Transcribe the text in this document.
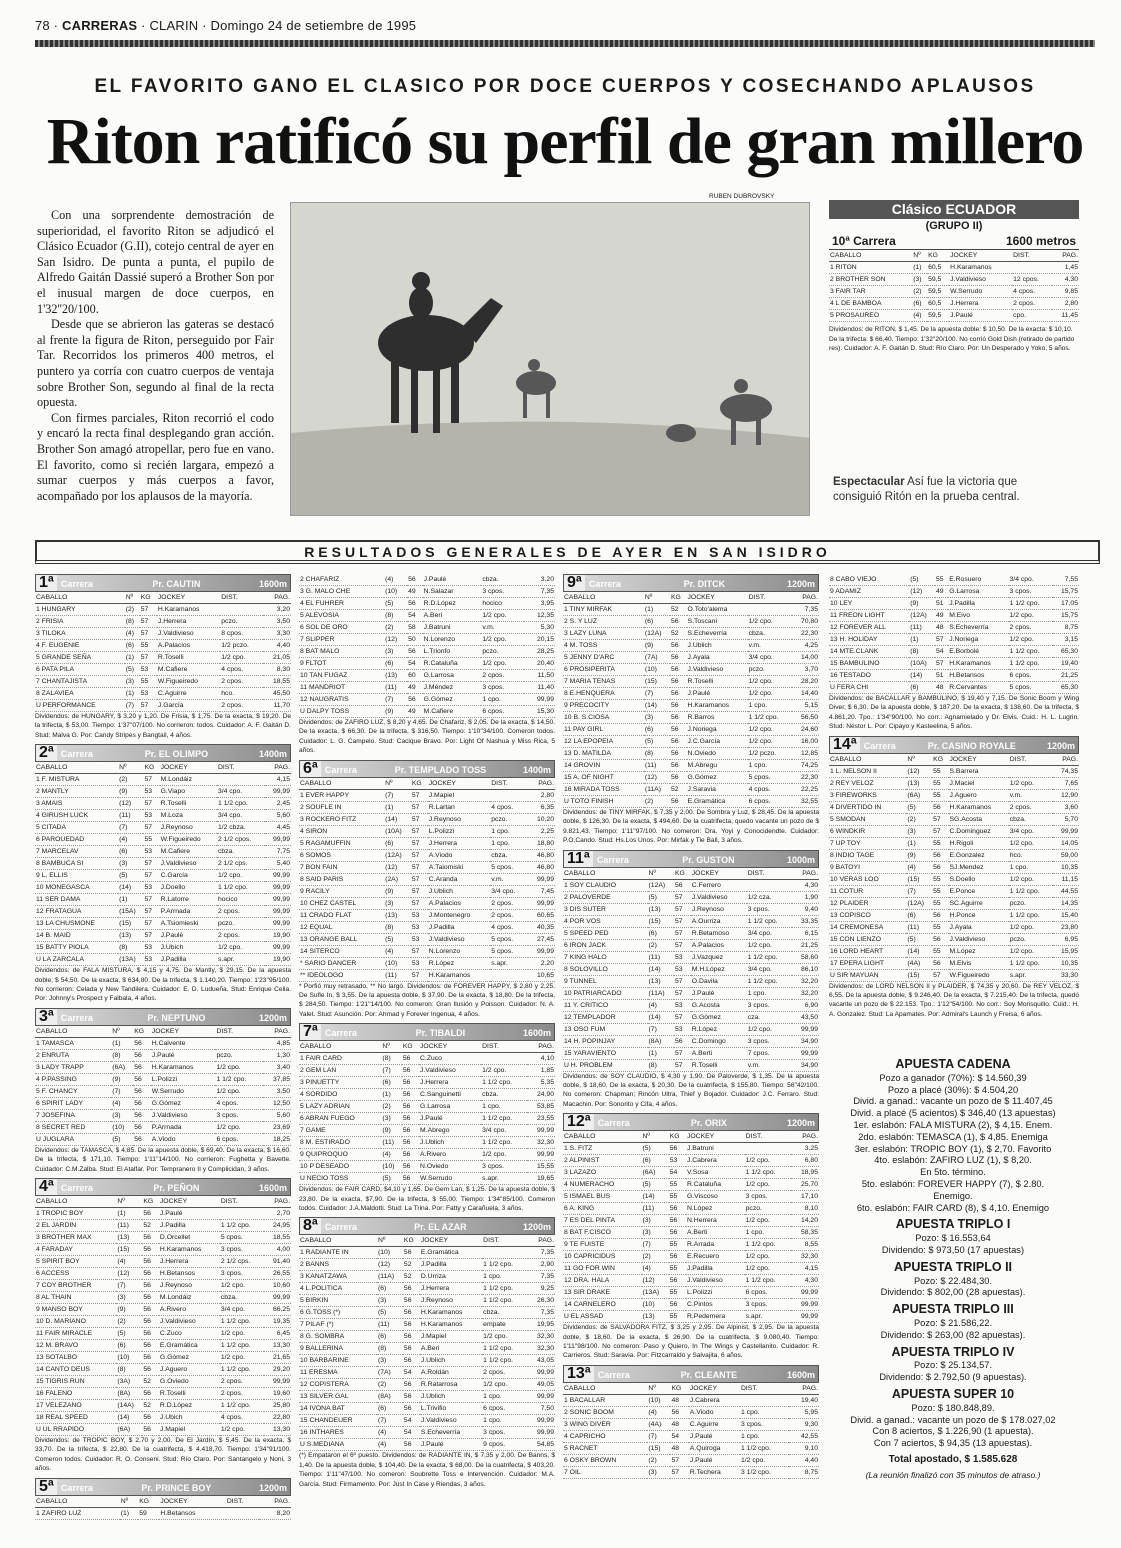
78 · CARRERAS · CLARIN · Domingo 24 de setiembre de 1995
EL FAVORITO GANO EL CLASICO POR DOCE CUERPOS Y COSECHANDO APLAUSOS
Riton ratificó su perfil de gran millero
RUBEN DUBROVSKY

Con una sorprendente demostración de superioridad, el favorito Riton se adjudicó el Clásico Ecuador (G.II), cotejo central de ayer en San Isidro. De punta a punta, el pupilo de Alfredo Gaitán Dassié superó a Brother Son por el inusual margen de doce cuerpos, en 1'32''20/100.

Desde que se abrieron las gateras se destacó al frente la figura de Riton, perseguido por Fair Tar. Recorridos los primeros 400 metros, el puntero ya corría con cuatro cuerpos de ventaja sobre Brother Son, segundo al final de la recta opuesta.

Con firmes parciales, Riton recorrió el codo y encaró la recta final desplegando gran acción. Brother Son amagó atropellar, pero fue en vano. El favorito, como si recién largara, empezó a sumar cuerpos y más cuerpos a favor, acompañado por los aplausos de la mayoría.

Espectacular Así fue la victoria que consiguió Ritón en la prueba central.
Clásico ECUADOR
(GRUPO II)
10ª Carrera	1600 metros
CABALLO	Nº	KG	JOCKEY	DIST.	PAG.
1 RITON	(1)	60,5	H.Karamanos		1,45
2 BROTHER SON	(3)	59,5	J.Valdivieso	12 cpos.	4,30
3 FAIR TAR	(2)	59,5	W.Serrudo	4 cpos.	9,85
4 L DE BAMBOA	(6)	60,5	J.Herrera	2 cpos.	2,80
5 PROSAUREO	(4)	59,5	J.Paulé	cpo.	11,45
Dividendos: de RITON, $ 1,45. De la apuesta doble: $ 10,50. De la exacta: $ 10,10. De la trifecta: $ 66,40. Tiempo: 1'32''20/100. No corrió Gold Dish (retirado de partido res). Cuidador: A. F. Gaitán D. Stud: Río Claro. Por: Un Desperado y Yoko, 5 años.
RESULTADOS GENERALES DE AYER EN SAN ISIDRO
1ª Carrera	Pr. CAUTIN	1600m
CABALLO	Nº	KG	JOCKEY	DIST.	PAG.
1 HUNGARY	(2)	57	H.Karamanos		3,20
2 FRISIA	(8)	57	J.Herrera	pczo.	3,50
3 TILOKA	(4)	57	J.Valdivieso	8 cpos.	3,30
4 F. EUGENIE	(6)	55	A.Palacios	1/2 pczo.	4,40
5 GRANDE SEÑA	(1)	57	R.Toselli	1/2 cpo.	21,05
6 PATA PILA	(5)	53	M.Cafiere	4 cpos.	8,30
7 CHANTAJISTA	(3)	55	W.Figueiredo	2 cpos.	18,55
8 ZALAVIEA	(1)	53	C.Aguirre	hco.	45,50
U PERFORMANCE	(7)	57	J.García	2 cpos.	11,70
Dividendos: de HUNGARY, $ 3,20 y 1,20. De Frisia, $ 1,75. De la exacta, $ 19,20. De la trifecta, $ 53,00. Tiempo: 1'37''07/100. No corrieron: todos. Cuidador: A. F. Gaitán D. Stud: Malva G. Por: Candy Stripes y Bangtail, 4 años.
2ª Carrera	Pr. EL OLIMPO	1400m
CABALLO	Nº	KG	JOCKEY	DIST.	PAG.
1 F. MISTURA	(2)	57	M.Londáiz		4,15
2 MANTLY	(9)	53	G.Viapo	3/4 cpo.	99,99
3 AMAIS	(12)	57	R.Toselli	1 1/2 cpo.	2,45
4 GIRUSH LUCK	(11)	53	M.Loza	3/4 cpo.	5,60
5 CITADA	(7)	57	J.Reynoso	1/2 cbza.	4,45
6 PAROUEDAD	(4)	55	W.Figueiredo	2 1/2 cpos.	99,99
7 MARCELAV	(6)	53	M.Cafiere	cbza.	7,75
8 BAMBUCA SI	(3)	57	J.Valdivieso	2 1/2 cps.	5,40
9 L. ELLIS	(5)	57	C.García	1/2 cpo.	99,99
10 MONEGASCA	(14)	53	J.Doello	1 1/2 cpo.	99,99
11 SER DAMA	(1)	57	R.Latorre	hocico	99,99
12 FRATAGUA	(15A)	57	P.Arrnada	2 cpos.	99,99
13 LA CHUSMONE	(15)	57	A.Tsiomieski	pczo.	99,99
14 B. MAID	(13)	57	J.Paulé	2 cpos.	19,90
15 BATTY PIOLA	(8)	53	J.Ubich	1/2 cpo.	99,99
U LA ZARCALA	(13A)	53	J.Padilla	s.apr.	19,90
Dividendos: de FALA MISTURA, $ 4,15 y 4,75. De Mantly, $ 29,15. De la apuesta doble, $ 54,50. De la exacta, $ 634,80. De la trifecta, $ 1.140,20. Tiempo: 1'23''95/100. No corrieron: Celada y New Tandilera. Cuidador: E. D. Ludueña. Stud: Enrique Celia. Por: Johnny's Prospect y Falbala, 4 años.
3ª Carrera	Pr. NEPTUNO	1200m
CABALLO	Nº	KG	JOCKEY	DIST.	PAG.
1 TAMASCA	(1)	56	H.Calvente		4,85
2 ENRUTA	(8)	56	J.Paulé	pczo.	1,30
3 LADY TRAPP	(6A)	56	H.Karamanos	1/2 cpo.	3,40
4 P.PASSING	(9)	56	L.Polizzi	1 1/2 cpo.	37,85
5 F. CHANCY	(7)	56	W.Serrudo	1/2 cpo.	3,50
6 SPIRIT LADY	(4)	56	G.Gómez	4 cpos.	12,50
7 JOSEFINA	(3)	56	J.Valdivieso	3 cpos.	5,60
8 SECRET RED	(10)	56	P.Arrnada	1/2 cpo.	23,69
U JUGLARA	(5)	56	A.Viodo	6 cpos.	18,25
Dividendos: de TAMASCA, $ 4,85. De la apuesta doble, $ 69,40. De la exacta, $ 16,60. De la trifecta, $ 171,10. Tiempo: 1'11''14/100. No corrieron: Fughetta y Bavette. Cuidador: C.M.Zalba. Stud: El Atalfar. Por: Tempranero II y Complicidan, 3 años.
4ª Carrera	Pr. PEÑON	1600m
CABALLO	Nº	KG	JOCKEY	DIST.	PAG.
1 TROPIC BOY	(1)	56	J.Paulé		2,70
2 EL JARDIN	(11)	52	J.Padilla	1 1/2 cpo.	24,95
3 BROTHER MAX	(13)	56	D.Orcellet	5 cpos.	18,55
4 FARADAY	(15)	56	H.Karamanos	3 cpos.	4,00
5 SPIRIT BOY	(4)	56	J.Herrera	2 1/2 cps.	91,40
6 ACCESS	(12)	56	H.Betansos	3 cpos.	26,55
7 COY BROTHER	(7)	56	J.Reynoso	1/2 cpo.	10,60
8 AL THAIN	(3)	56	M.Londáiz	cbza.	99,99
9 MANSO BOY	(9)	56	A.Rivero	3/4 cpo.	66,25
10 D. MARIANO	(2)	56	J.Valdivieso	1 1/2 cpo.	19,35
11 FAIR MIRACLE	(5)	56	C.Zuco	1/2 cpo.	6,45
12 M. BRAVO	(6)	56	E.Gramática	1 1/2 cpo.	13,30
13 SOTALBO	(10)	56	G.Gómez	1/2 cpo.	21,65
14 CANTO DEUS	(8)	56	J.Aguero	1 1/2 cpo.	29,20
15 TIGRIS RUN	(3A)	52	G.Oviedo	2 cpos.	99,99
16 FALENO	(8A)	56	R.Toselli	2 cpos.	19,60
17 VELEZANO	(14A)	52	R.D.López	1 1/2 cpo.	25,80
18 REAL SPEED	(14)	56	J.Ubich	4 cpos.	22,80
U UL RRAPIDO	(6A)	56	J.Mapiel	1/2 cpo.	13,30
Dividendos: de TROPIC BOY, $ 2,70 y 2,00. De El Jardín, $ 5,45. De la exacta, $ 33,70. De la trifecta, $ 22,80. De la cuatrifecta, $ 4.418,70. Tiempo: 1'34''91/100. Comeron todos. Cuidador: R. O. Conseni. Stud: Río Claro. Por: Santangelo y Noni, 3 años.
5ª Carrera	Pr. PRINCE BOY	1200m
CABALLO	Nº	KG	JOCKEY	DIST.	PAG.
1 ZAFIRO LUZ	(1)	59	H.Betansos		8,20
2 CHAFARIZ	(4)	56	J.Paulé	cbza.	3,20
3 G. MALO CHE	(10)	49	N.Salazar	3 cpos.	7,35
4 EL FUHRER	(5)	56	R.D.López	hocico	3,95
5 ALEVOSIA	(8)	54	A.Beri	1/2 cpo.	12,35
6 SOL DE ORO	(2)	58	J.Batruni	v.m.	5,30
7 SLIPPER	(12)	50	N.Lorenzo	1/2 cpo.	20,15
8 BAT MALO	(3)	56	L.Trionfo	pczo.	28,25
9 FLTOT	(6)	54	R.Cataluña	1/2 cpo.	20,40
10 TAN FUGAZ	(13)	60	G.Larrosa	2 cpos.	11,50
11 MANDRIOT	(11)	49	J.Méndez	3 cpos.	11,40
12 NAUGRATIS	(7)	56	G.Gómez	1 cpo.	99,99
U DALPY TOSS	(9)	49	M.Cafiere	6 cpos.	15,30
Dividendos: de ZAFIRO LUZ, $ 8,20 y 4,65. De Chafariz, $ 2,05. De la exacta, $ 14,50. De la exacta, $ 66,30. De la trifecta, $ 316,50. Tiempo: 1'10''34/100. Comeron todos. Cuidador: L. G. Campelo. Stud: Cacique Bravo. Por: Light Of Nashua y Miss Rica, 5 años.
6ª Carrera	Pr. TEMPLADO TOSS	1400m
CABALLO	Nº	KG	JOCKEY	DIST.	PAG.
1 EVER HAPPY	(7)	57	J.Mapiel		2,80
2 SOUFLE IN	(1)	57	R.Lartan	4 cpos.	6,35
3 ROCKERO FITZ	(14)	57	J.Reynoso	pczo.	10,20
4 SIRON	(10A)	57	L.Polizzi	1 cpo.	2,25
5 RAGAMUFFIN	(6)	57	J.Herrera	1 cpo.	18,80
6 SOMOS	(12A)	57	A.Viodo	cbza.	46,80
7 BON FAIN	(12)	57	A.Taiomiski	5 cpos.	46,80
8 SAID PARIS	(2A)	57	C.Aranda	v.m.	99,99
9 RACILY	(9)	57	J.Ublich	3/4 cpo.	7,45
10 CHEZ CASTEL	(3)	57	A.Palacios	2 cpos.	99,99
11 CRADO FLAT	(13)	53	J.Montenegro	2 cpos.	60,65
12 EQUAL	(8)	53	J.Padilla	4 cpos.	40,35
13 ORANGE BALL	(5)	53	J.Valdivieso	5 cpos.	27,45
14 SITERCO	(4)	57	N.Lorenzo	5 cpos.	99,99
* SARIO DANCER	(10)	53	R.López	s.apr.	2,20
** IDEOLOGO	(11)	57	H.Karamanos		10,65
* Porfió muy retrasado. ** No largó. Dividendos: de FOREVER HAPPY, $ 2,80 y 2,25. De Sufle In, $ 3,55. De la apuesta doble, $ 37,90. De la exacta, $ 18,80. De la trifecta, $ 284,50. Tiempo: 1'21''14/100. No comeron: Gran Ilusión y Poisson. Cuidador: N. A. Yalet. Stud: Asunción. Por: Ahmad y Forever Ingenua, 4 años.
7ª Carrera	Pr. TIBALDI	1600m
CABALLO	Nº	KG	JOCKEY	DIST.	PAG.
1 FAIR CARD	(8)	56	C.Zuco		4,10
2 GEM LAN	(7)	56	J.Valdivieso	1/2 cpo.	1,85
3 PINUETTY	(6)	56	J.Herrera	1 1/2 cpo.	5,35
4 SORDIDO	(1)	56	C.Sanguinetti	cbza.	24,90
5 LAZY ADRIAN	(2)	56	G.Larrosa	1 cpo.	53,85
6 ABRAN FUEGO	(3)	56	J.Paulé	1 1/2 cpo.	23,55
7 GAME	(9)	56	M.Abrego	3/4 cpo.	99,99
8 M. ESTIRADO	(11)	56	J.Ublich	1 1/2 cpo.	32,30
9 QUIPROQUO	(4)	56	A.Rivero	1/2 cpo.	99,99
10 P DESEADO	(10)	56	N.Oviedo	3 cpos.	15,55
U NECIO TOSS	(5)	56	W.Serrudo	s.apr.	19,65
Dividendos: de FAIR CARD, $4,10 y 1,65. De Gem Lan, $ 1,25. De la apuesta doble, $ 23,80. De la exacta, $7,90. De la trifecta, $ 55,00. Tiempo: 1'34''85/100. Comeron todos. Cuidador: J.A.Maldotti. Stud: La Trina. Por: Fatty y Carañuela, 3 años.
8ª Carrera	Pr. EL AZAR	1200m
CABALLO	Nº	KG	JOCKEY	DIST.	PAG.
1 RADIANTE IN	(10)	56	E.Gramática		7,35
2 BANNS	(12)	52	J.Padilla	1 1/2 cpo.	2,90
3 KANATZAWA	(11A)	52	D.Urriza	1 cpo.	7,35
4 L.POLITICA	(6)	56	J.Herrera	1 1/2 cpo.	9,25
5 BIRKIN	(3)	56	J.Reynoso	1 1/2 cpo.	26,30
6 G.TOSS (*)	(5)	56	H.Karamanos	cbza.	7,35
7 PILAF (*)	(11)	56	H.Karamanos	empate	19,95
8 G. SOMBRA	(6)	56	J.Mapiel	1/2 cpo.	32,30
9 BALLERINA	(8)	56	A.Beri	1 1/2 cpo.	32,30
10 BARBARINE	(3)	56	J.Ublich	1 1/2 cpo.	43,05
11 ERESMA	(7A)	54	A.Roldán	2 cpos.	99,99
12 COPISTERA	(2)	56	R.Ratarrosa	1/2 cpo.	49,05
13 SILVER GAL	(8A)	56	J.Ublich	1 cpo.	99,99
14 IVONA BAT	(6)	56	L.Trivifio	6 cpos.	7,50
15 CHANDEUER	(7)	54	J.Valdivieso	1 cpo.	99,99
16 INTHARES	(4)	54	S.Echeverría	3 cpos.	99,99
U S.MEDIANA	(4)	56	J.Paulé	9 cpos.	54,85
(*) Empataron el 6º puesto. Dividendos: de RADIANTE IN, $ 7,35 y 2,00. De Banns, $ 1,40. De la apuesta doble, $ 104,40. De la exacta, $ 68,00. De la cuatrifecta, $ 403,20. Tiempo: 1'11''47/100. No comeron: Soubrette Toss e Intervención. Cuidador: M.A. García. Stud: Firmamento. Por: Just In Case y Riendas, 3 años.
9ª Carrera	Pr. DITCK	1200m
CABALLO	Nº	KG	JOCKEY	DIST.	PAG.
1 TINY MIRFAK	(1)	52	O.Toto'alema		7,35
2 S. Y LUZ	(6)	56	S.Toscani	1/2 cpo.	70,80
3 LAZY LUNA	(12A)	52	S.Echeverría	cbza.	22,30
4 M. TOSS	(9)	56	J.Ublich	v.m.	4,25
5 JENNY D'ARC	(7A)	56	J.Ayala	3/4 cpo.	14,00
6 PROSIPERITA	(10)	56	J.Valdivieso	pczo.	3,70
7 MARIA TENAS	(15)	56	R.Toselli	1/2 cpo.	28,20
8 E.HENQUERA	(7)	56	J.Paulé	1/2 cpo.	14,40
9 PRECOCITY	(14)	56	H.Karamanos	1 cpo.	5,15
10 B. S.CIOSA	(3)	56	R.Barros	1 1/2 cpo.	56,50
11 PAY GIRL	(6)	56	J.Noriega	1/2 cpo.	24,60
12 LA EPOPEIA	(5)	56	J.C.García	1/2 cpo.	16,00
13 D. MATILDA	(8)	56	N.Oviedo	1/2 pczo.	12,85
14 GROVIN	(11)	56	M.Abregu	1 cpo.	74,25
15 A. OF NIGHT	(12)	56	G.Gómez	5 cpos.	22,30
16 MIRADA TOSS	(11A)	52	J.Saravia	4 cpos.	22,25
U TOTO FINISH	(2)	56	E.Gramática	6 cpos.	32,55
Dividendos: de TINY MIRFAK, $ 7,35 y 2,00. De Sombra y Luz, $ 28,45. De la apuesta doble, $ 126,30. De la exacta, $ 494,60. De la cuatrifecta, quedo vacante un pozo de $ 9.821,43. Tiempo: 1'11''97/100. No comeron: Dra. Yoyi y Conocidendte. Cuidador: P.O.Cando. Stud: Hs.Los Unos. Por: Mirfak y Tie Ball, 3 años.
11ª Carrera	Pr. GUSTON	1000m
CABALLO	Nº	KG	JOCKEY	DIST.	PAG.
1 SOY CLAUDIO	(12A)	56	C.Ferrero		4,30
2 PALOVERDE	(5)	57	J.Valdivieso	1/2 cza.	1,90
3 DIS SUTER	(13)	57	J.Reynoso	3 cpos.	9,40
4 POR VOS	(15)	57	A.Ourriza	1 1/2 cpo.	33,35
5 SPEED PED	(6)	57	R.Betamoso	3/4 cpo.	6,15
6 IRON JACK	(2)	57	A.Palacios	1/2 cpo.	21,25
7 KING HALO	(11)	53	J.Vazquez	1 1/2 cpo.	58,60
8 SOLOVILLO	(14)	53	M.H.López	3/4 cpo.	86,10
9 TUNNEL	(13)	57	O.Davila	1 1/2 cpo.	32,20
10 PATRIARCADO	(11A)	57	J.Paulé	1 cpo.	32,20
11 Y. CRITICO	(4)	53	G.Acosta	3 cpos.	6,90
12 TEMPLADOR	(14)	57	G.Gómez	cza.	43,50
13 OSO FUM	(7)	53	R.López	1/2 cpo.	99,99
14 H. POPINJAY	(8A)	56	C.Domingo	3 cpos.	34,90
15 YARAVIENTO	(1)	57	A.Berti	7 cpos.	99,99
U H. PROBLEM	(8)	57	R.Toselli	v.m.	34,90
Dividendos: de SOY CLAUDIO, $ 4,30 y 1,90. De Paloverde, $ 1,35. De la apuesta doble, $ 18,60. De la exacta, $ 20,30. De la cuatrifecta, $ 155,80. Tiempo: 56''42/100. No comeron: Chapman; Rincón Ultra, Thief y Bojador. Cuidador: J.C. Ferraro. Stud: Macachin. Por: Sonorito y Cifa, 4 años.
12ª Carrera	Pr. ORIX	1200m
CABALLO	Nº	KG	JOCKEY	DIST.	PAG.
1 S. FITZ	(5)	56	J.Batruni		3,25
2 ALPINIST	(6)	53	J.Cabrera	1/2 cpo.	6,80
3 LAZAZO	(6A)	54	V.Sosa	1 1/2 cpo.	18,95
4 NUMERACHO	(5)	55	R.Cataluña	1/2 cpo.	25,70
5 ISMAEL BUS	(14)	55	G.Viscoso	3 cpos.	17,10
6 A. KING	(11)	56	N.López	pczo.	8,10
7 ES DEL PINTA	(3)	56	N.Herrera	1/2 cpo.	14,20
8 BAT F.CISCO	(3)	56	A.Berti	1 cpo.	58,35
9 TE FUISTE	(7)	55	R.Arrada	1 1/2 cpo.	8,55
10 CAPRICIDUS	(2)	56	E.Recuero	1/2 cpo.	32,30
11 GO FOR WIN	(4)	55	J.Padilla	1/2 cpo.	4,15
12 DRA. HALA	(12)	56	J.Valdivieso	1 1/2 cpo.	4,30
13 SIR DRAKE	(13A)	55	L.Polizzi	6 cpos.	99,99
14 CARNELERO	(10)	56	C.Pintos	3 cpos.	99,99
U EL ASSAD	(13)	55	R.Pedemera	s.apr.	99,99
Dividendos: de SALVADORA FITZ, $ 3,25 y 2,95. De Alpinist, $ 2,95. De la apuesta doble, $ 18,60. De la exacta, $ 26,90. De la cuatrifecta, $ 9.080,40. Tiempo: 1'11''98/100. No comeron: Paso y Quiero, In The Wings y Castellanito. Cuidador: R. Carrieros. Stud: Saravia. Por: Fitzcarraldo y Salvajita, 6 años.
13ª Carrera	Pr. CLEANTE	1600m
CABALLO	Nº	KG	JOCKEY	DIST.	PAG.
1 BACALLAR	(10)	48	J.Cabrera		19,40
2 SONIC BOOM	(4)	56	A.Viodo	1 cpo.	5,95
3 WING DIVER	(4A)	48	C.Aguirre	3 cpos.	9,30
4 CAPRICHO	(7)	54	J.Paulé	1 cpo.	42,55
5 RACNET	(15)	48	A.Quiroga	1 1/2 cpo.	9,10
6 OSKY BROWN	(2)	57	J.Paulé	1/2 cpo.	4,40
7 OIL	(3)	57	R.Techera	3 1/2 cpo.	8,75
8 CABO VIEJO	(5)	55	E.Rosuero	3/4 cpo.	7,55
9 ADAMIZ	(12)	49	G.Larrosa	3 cpos.	15,75
10 LEY	(9)	51	J.Padilla	1 1/2 cpo.	17,05
11 FREON LIGHT	(12A)	49	M.Eivo	1/2 cpo.	15,75
12 FOREVER ALL	(11)	48	S.Echeverría	2 cpos.	8,75
13 H. HOLIDAY	(1)	57	J.Noriega	1/2 cpo.	3,15
14 MTE.CLANK	(8)	54	E.Borbolé	1 1/2 cpo.	65,30
15 BAMBULINO	(10A)	57	H.Karamanos	1 1/2 cpo.	19,40
16 TESTADO	(14)	51	H.Betansos	6 cpos.	21,25
U FERA CHI	(6)	48	R.Cervantes	5 cpos.	65,30
Dividendos: de BACALLAR y BAMBULINO, $ 19,40 y 7,15. De Sonic Boom y Wing Diver, $ 6,30. De la apuesta doble, $ 187,20. De la exacta, $ 138,60. De la trifecta, $ 4.861,20. Tpo.: 1'34''90/100. No corr.: Agnamielado y Dr. Elvis. Cuid.: H. L. Lugrin. Stud: Néstor L. Por: Cipayo y Kasteelina, 5 años.
14ª Carrera	Pr. CASINO ROYALE	1200m
CABALLO	Nº	KG	JOCKEY	DIST.	PAG.
1 L. NELSON II	(12)	55	S.Barrera		74,35
2 REY VELOZ	(13)	55	J.Maciel	1/2 cpo.	7,65
3 FIREWORKS	(6A)	55	J.Aguero	v.m.	12,90
4 DIVERTIDO IN	(5)	56	H.Karamanos	2 cpos.	3,60
5 SMODAN	(2)	57	SG.Acosta	cbza.	5,70
6 WINDKIR	(3)	57	C.Dominguez	3/4 cpo.	99,99
7 UP TOY	(1)	55	H.Rigoli	1/2 cpo.	14,05
8 INDIO TAGE	(9)	56	E.Gonzalez	hco.	59,00
9 BATOYI	(4)	56	SJ.Mendez	1 cpo.	10,35
10 VERAS LOO	(15)	55	S.Doello	1/2 cpo.	11,15
11 COTUR	(7)	55	E.Ponce	1 1/2 cpo.	44,55
12 PLAIDER	(12A)	55	SC.Aguirre	pczo.	14,35
13 COPISCO	(6)	56	H.Ponce	1 1/2 cpo.	15,40
14 CREMONESA	(11)	55	J.Ayala	1/2 cpo.	23,80
15 CON LIENZO	(5)	56	J.Valdivieso	pczo.	6,95
16 LORD HEART	(14)	55	M.López	1/2 cpo.	15,95
17 EPERA LIGHT	(4A)	56	M.Elvis	1 1/2 cpo.	10,35
U SIR MAYUAN	(15)	57	W.Figueiredo	s.apr.	33,30
Dividendos: de LORD NELSON II y PLAIDER, $ 74,35 y 20,60. De REY VELOZ, $ 6,55. De la apuesta doble, $ 9.246,40. De la exacta, $ 7.215,40. De la trifecta, quedó vacante un pozo de $ 22.153. Tpo.: 1'12''54/100. No corr.: Soy Morisquillo. Cuid.: H. A. Gonzalez. Stud: La Apamates. Por: Admiral's Launch y Freisa, 6 años.
APUESTA CADENA
Pozo a ganador (70%): $ 14.560,39
Pozo a placé (30%): $ 4.504,20
Divid. a ganad.: vacante un pozo de $ 11.407,45
Divid. a placé (5 acientos) $ 346,40 (13 apuestas)
1er. eslabón: FALA MISTURA (2), $ 4,15. Enem.
2do. eslabón: TEMASCA (1), $ 4,85. Enemiga
3er. eslabón: TROPIC BOY (1), $ 2,70. Favorito
4to. eslabón: ZAFIRO LUZ (1), $ 8,20.
En 5to. término.
5to. eslabón: FOREVER HAPPY (7), $ 2.80.
Enemigo.
6to. eslabón: FAIR CARD (8), $ 4,10. Enemigo
APUESTA TRIPLO I
Pozo: $ 16.553,64
Dividendo: $ 973,50 (17 apuestas)
APUESTA TRIPLO II
Pozo: $ 22.484,30.
Dividendo: $ 802,00 (28 apuestas).
APUESTA TRIPLO III
Pozo: $ 21.586,22.
Dividendo: $ 263,00 (82 apuestas).
APUESTA TRIPLO IV
Pozo: $ 25.134,57.
Dividendo: $ 2.792,50 (9 apuestas).
APUESTA SUPER 10
Pozo: $ 180.848,89.
Divid. a ganad.: vacante un pozo de $ 178.027,02
Con 8 aciertos, $ 1.226,90 (1 apuesta).
Con 7 aciertos, $ 94,35 (13 apuestas).
Total apostado, $ 1.585.628
(La reunión finalizó con 35 minutos de atraso.)
